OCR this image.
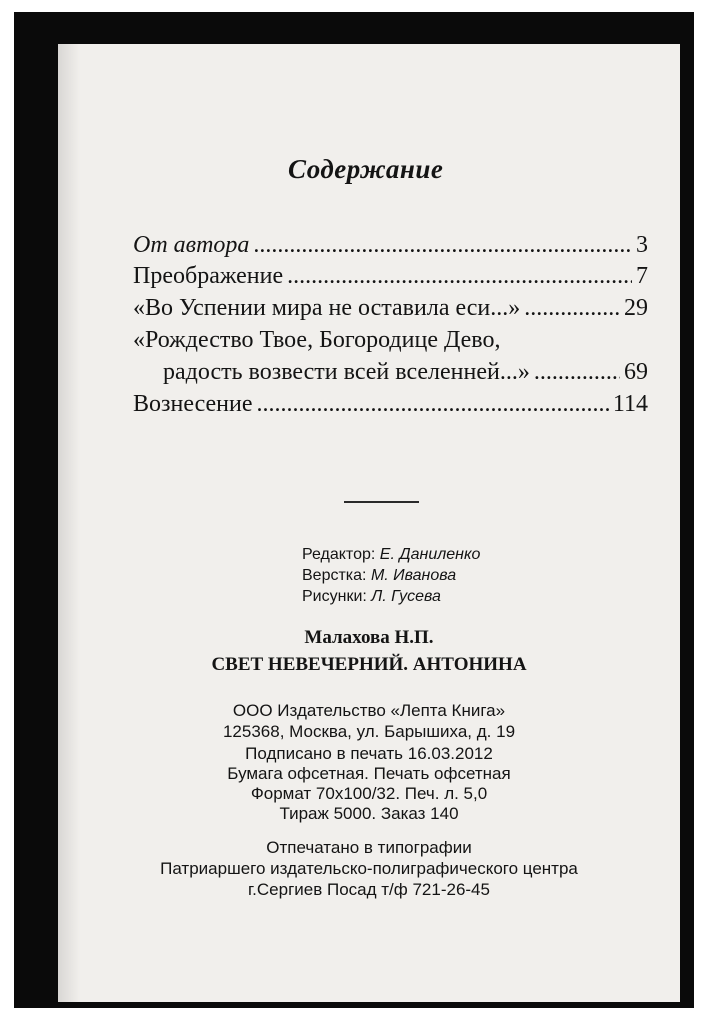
Содержание
От автора .....	3
Преображение .....	7
«Во Успении мира не оставила еси...» .....	29
«Рождество Твое, Богородице Дево,
радость возвести всей вселенней...» .....	69
Вознесение .....	114
Редактор: Е. Даниленко
Верстка: М. Иванова
Рисунки: Л. Гусева
Малахова Н.П.
СВЕТ НЕВЕЧЕРНИЙ. АНТОНИНА
ООО Издательство «Лепта Книга»
125368, Москва, ул. Барышиха, д. 19
Подписано в печать 16.03.2012
Бумага офсетная. Печать офсетная
Формат 70x100/32. Печ. л. 5,0
Тираж 5000. Заказ 140
Отпечатано в типографии
Патриаршего издательско-полиграфического центра
г.Сергиев Посад т/ф 721-26-45
